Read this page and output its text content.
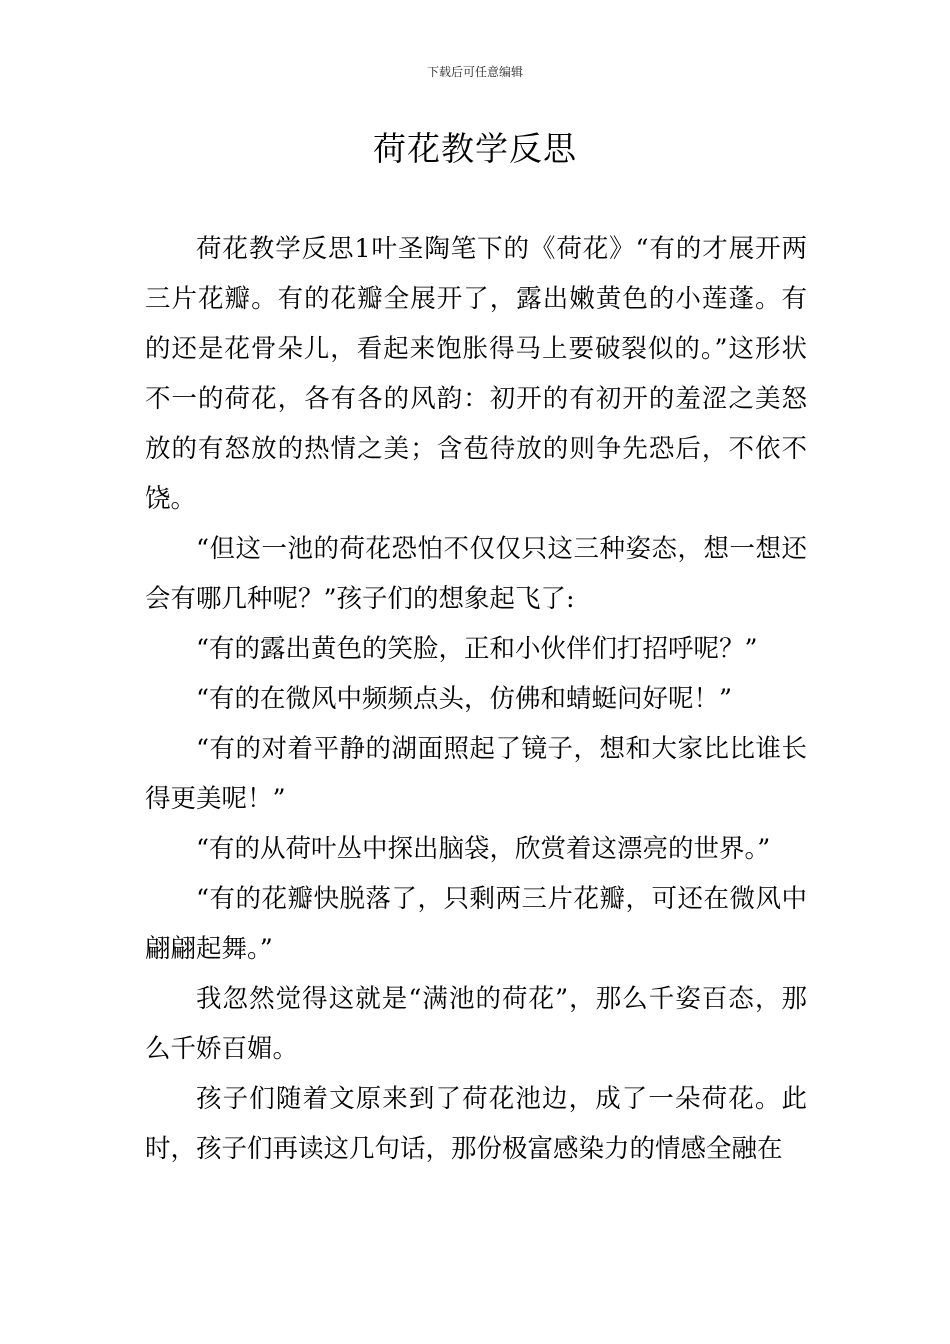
下载后可任意编辑
荷花教学反思

荷花教学反思1叶圣陶笔下的《荷花》“有的才展开两三片花瓣。有的花瓣全展开了，露出嫩黄色的小莲蓬。有的还是花骨朵儿，看起来饱胀得马上要破裂似的。”这形状不一的荷花，各有各的风韵：初开的有初开的羞涩之美怒放的有怒放的热情之美；含苞待放的则争先恐后，不依不饶。

“但这一池的荷花恐怕不仅仅只这三种姿态，想一想还会有哪几种呢？”孩子们的想象起飞了:

“有的露出黄色的笑脸，正和小伙伴们打招呼呢？”

“有的在微风中频频点头，仿佛和蜻蜓问好呢！”

“有的对着平静的湖面照起了镜子，想和大家比比谁长得更美呢！”

“有的从荷叶丛中探出脑袋，欣赏着这漂亮的世界。”

“有的花瓣快脱落了，只剩两三片花瓣，可还在微风中翩翩起舞。”

我忽然觉得这就是“满池的荷花”，那么千姿百态，那么千娇百媚。

孩子们随着文原来到了荷花池边，成了一朵荷花。此时，孩子们再读这几句话，那份极富感染力的情感全融在
